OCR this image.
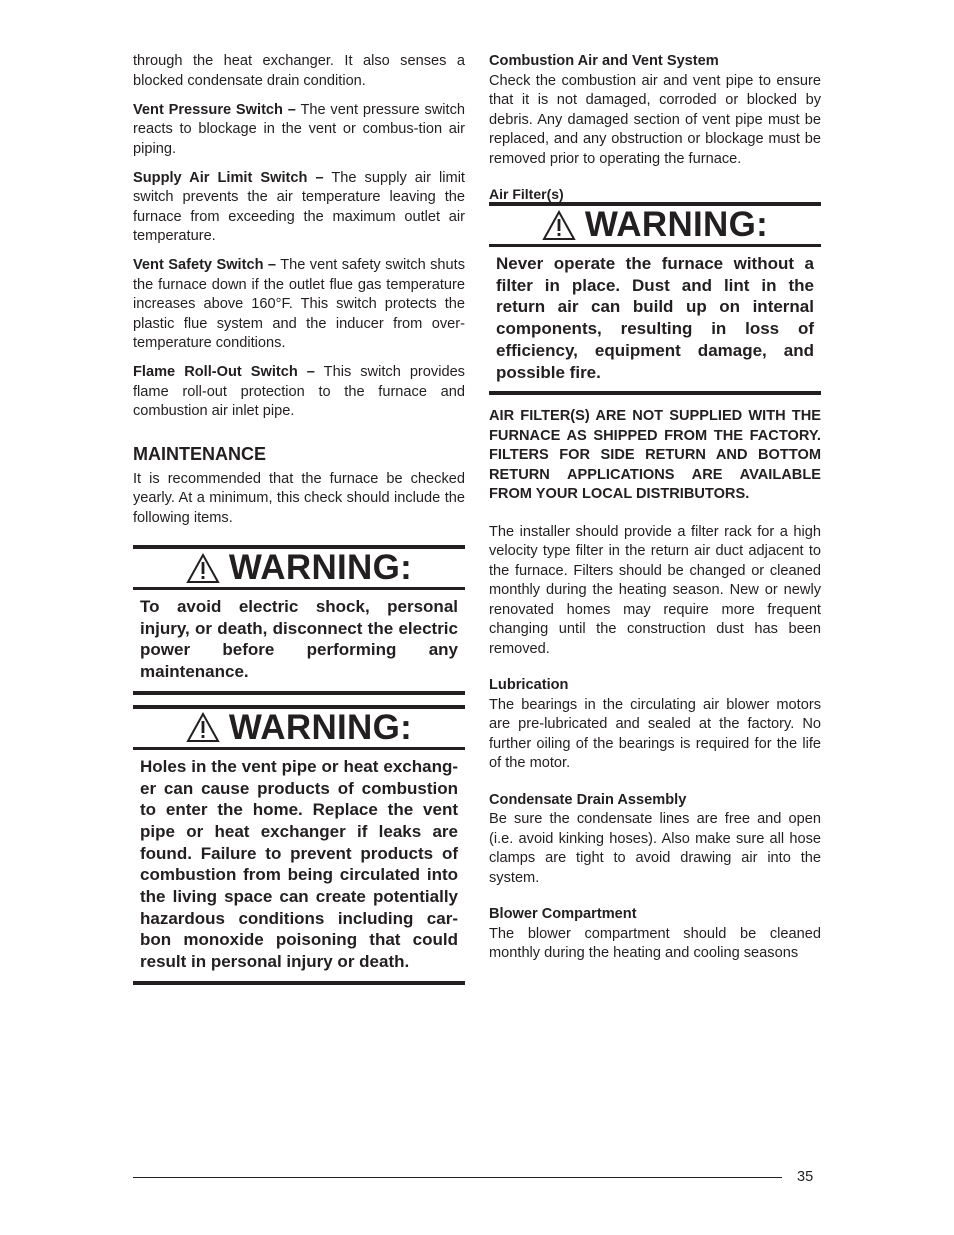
through the heat exchanger. It also senses a blocked condensate drain condition.

Vent Pressure Switch – The vent pressure switch reacts to blockage in the vent or combus-tion air piping.

Supply Air Limit Switch – The supply air limit switch prevents the air temperature leaving the furnace from exceeding the maximum outlet air temperature.

Vent Safety Switch – The vent safety switch shuts the furnace down if the outlet flue gas temperature increases above 160°F. This switch protects the plastic flue system and the inducer from over-temperature conditions.

Flame Roll-Out Switch – This switch provides flame roll-out protection to the furnace and combustion air inlet pipe.

MAINTENANCE

It is recommended that the furnace be checked yearly. At a minimum, this check should include the following items.

WARNING:
To avoid electric shock, personal injury, or death, disconnect the electric power before performing any maintenance.
WARNING:
Holes in the vent pipe or heat exchang-er can cause products of combustion to enter the home. Replace the vent pipe or heat exchanger if leaks are found. Failure to prevent products of combustion from being circulated into the living space can create potentially hazardous conditions including car-bon monoxide poisoning that could result in personal injury or death.

Combustion Air and Vent System

Check the combustion air and vent pipe to ensure that it is not damaged, corroded or blocked by debris. Any damaged section of vent pipe must be replaced, and any obstruction or blockage must be removed prior to operating the furnace.

Air Filter(s)

WARNING:
Never operate the furnace without a filter in place. Dust and lint in the return air can build up on internal components, resulting in loss of efficiency, equipment damage, and possible fire.

AIR FILTER(S) ARE NOT SUPPLIED WITH THE FURNACE AS SHIPPED FROM THE FACTORY. FILTERS FOR SIDE RETURN AND BOTTOM RETURN APPLICATIONS ARE AVAILABLE FROM YOUR LOCAL DISTRIBUTORS.

The installer should provide a filter rack for a high velocity type filter in the return air duct adjacent to the furnace. Filters should be changed or cleaned monthly during the heating season. New or newly renovated homes may require more frequent changing until the construction dust has been removed.

Lubrication

The bearings in the circulating air blower motors are pre-lubricated and sealed at the factory. No further oiling of the bearings is required for the life of the motor.

Condensate Drain Assembly

Be sure the condensate lines are free and open (i.e. avoid kinking hoses). Also make sure all hose clamps are tight to avoid drawing air into the system.

Blower Compartment

The blower compartment should be cleaned monthly during the heating and cooling seasons

35
